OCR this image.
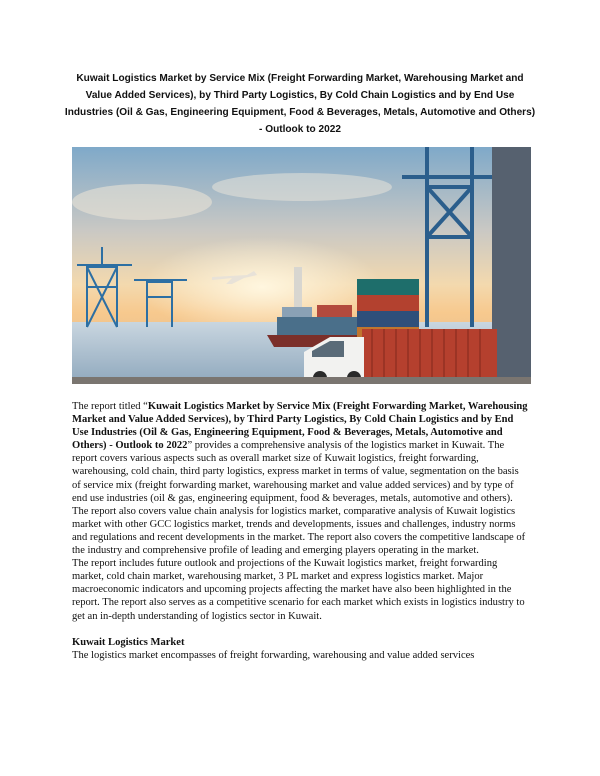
Kuwait Logistics Market by Service Mix (Freight Forwarding Market, Warehousing Market and Value Added Services), by Third Party Logistics, By Cold Chain Logistics and by End Use Industries (Oil & Gas, Engineering Equipment, Food & Beverages, Metals, Automotive and Others) - Outlook to 2022

The report titled “Kuwait Logistics Market by Service Mix (Freight Forwarding Market, Warehousing Market and Value Added Services), by Third Party Logistics, By Cold Chain Logistics and by End Use Industries (Oil & Gas, Engineering Equipment, Food & Beverages, Metals, Automotive and Others) - Outlook to 2022” provides a comprehensive analysis of the logistics market in Kuwait. The report covers various aspects such as overall market size of Kuwait logistics, freight forwarding, warehousing, cold chain, third party logistics, express market in terms of value, segmentation on the basis of service mix (freight forwarding market, warehousing market and value added services) and by type of end use industries (oil & gas, engineering equipment, food & beverages, metals, automotive and others). The report also covers value chain analysis for logistics market, comparative analysis of Kuwait logistics market with other GCC logistics market, trends and developments, issues and challenges, industry norms and regulations and recent developments in the market. The report also covers the competitive landscape of the industry and comprehensive profile of leading and emerging players operating in the market.

The report includes future outlook and projections of the Kuwait logistics market, freight forwarding market, cold chain market, warehousing market, 3 PL market and express logistics market. Major macroeconomic indicators and upcoming projects affecting the market have also been highlighted in the report. The report also serves as a competitive scenario for each market which exists in logistics industry to get an in-depth understanding of logistics sector in Kuwait.

Kuwait Logistics Market

The logistics market encompasses of freight forwarding, warehousing and value added services
